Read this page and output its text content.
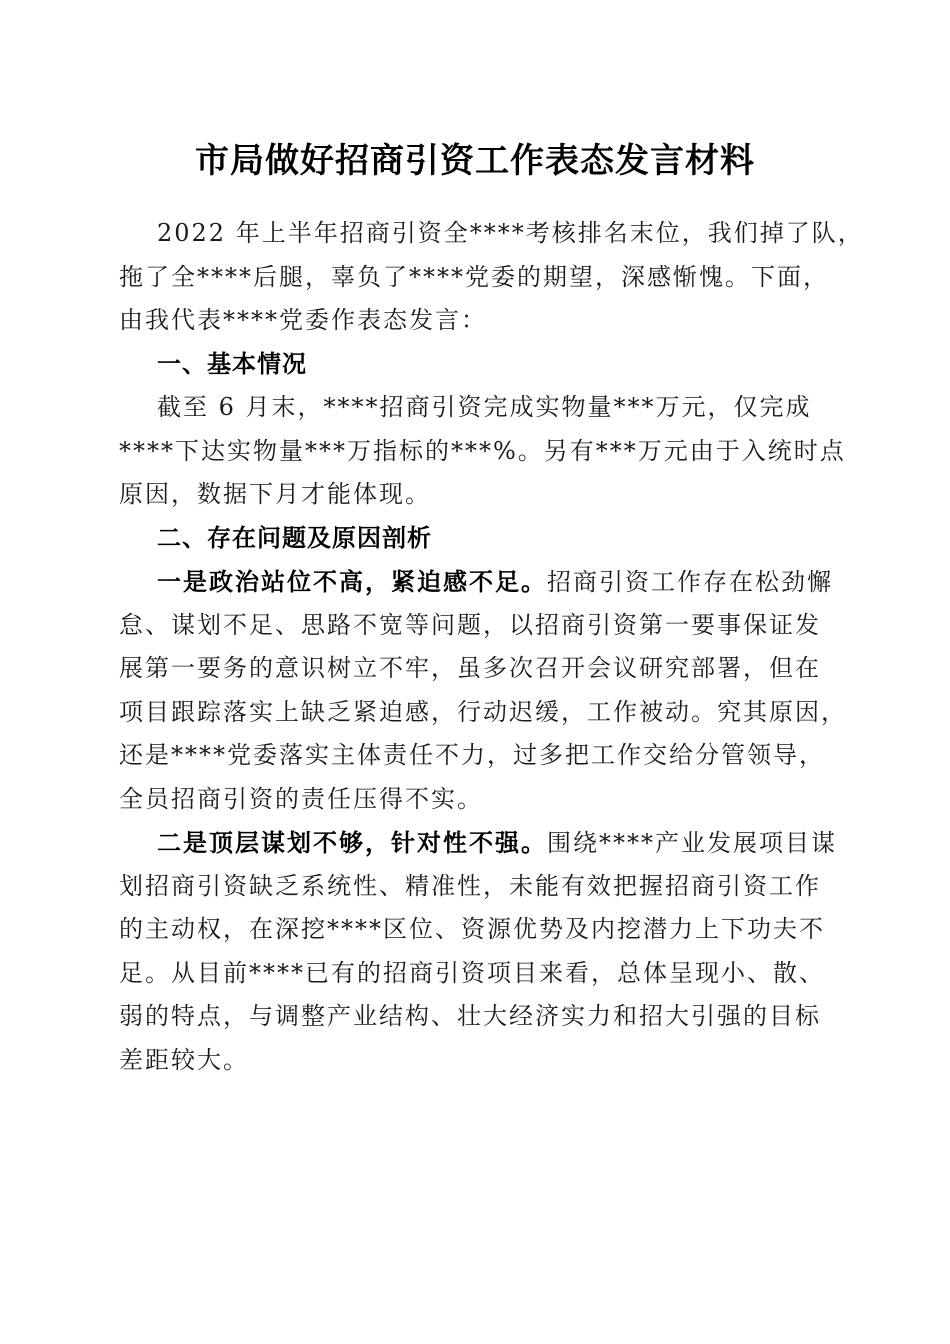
市局做好招商引资工作表态发言材料
2022 年上半年招商引资全****考核排名末位，我们掉了队，
拖了全****后腿，辜负了****党委的期望，深感惭愧。下面，
由我代表****党委作表态发言：
一、基本情况
截至 6 月末，****招商引资完成实物量***万元，仅完成
****下达实物量***万指标的***%。另有***万元由于入统时点
原因，数据下月才能体现。
二、存在问题及原因剖析
一是政治站位不高，紧迫感不足。招商引资工作存在松劲懈
怠、谋划不足、思路不宽等问题，以招商引资第一要事保证发
展第一要务的意识树立不牢，虽多次召开会议研究部署，但在
项目跟踪落实上缺乏紧迫感，行动迟缓，工作被动。究其原因，
还是****党委落实主体责任不力，过多把工作交给分管领导，
全员招商引资的责任压得不实。
二是顶层谋划不够，针对性不强。围绕****产业发展项目谋
划招商引资缺乏系统性、精准性，未能有效把握招商引资工作
的主动权，在深挖****区位、资源优势及内挖潜力上下功夫不
足。从目前****已有的招商引资项目来看，总体呈现小、散、
弱的特点，与调整产业结构、壮大经济实力和招大引强的目标
差距较大。
